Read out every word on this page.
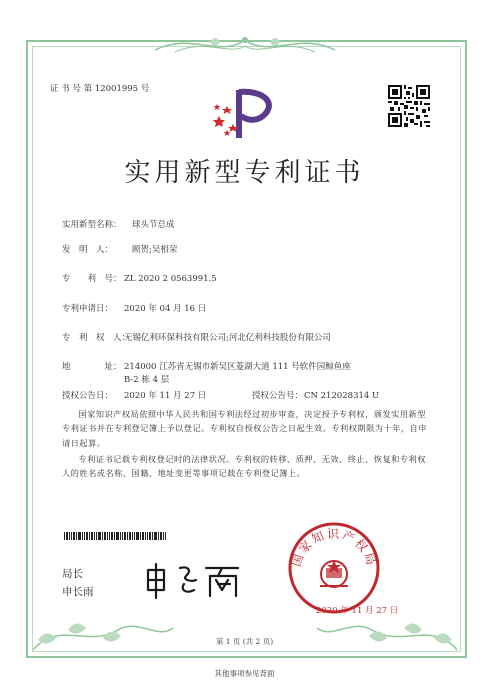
证 书 号 第 12001995 号
实用新型专利证书
实用新型名称： 球头节总成
发　明　人： 顾贺;吴相荣
专　　利　号： ZL 2020 2 0563991.5
专利申请日： 2020 年 04 月 16 日
专　利　权　人：无锡亿利环保科技有限公司;河北亿利科技股份有限公司
地　　　　址： 214000 江苏省无锡市新吴区菱湖大道 111 号软件园鲸鱼座
B-2 栋 4 层
授权公告日： 2020 年 11 月 27 日	授权公告号：CN 212028314 U
国家知识产权局依照中华人民共和国专利法经过初步审查，决定授予专利权，颁发实用新型专利证书并在专利登记簿上予以登记。专利权自授权公告之日起生效。专利权期限为十年，自申请日起算。
专利证书记载专利权登记时的法律状况。专利权的转移、质押、无效、终止、恢复和专利权人的姓名或名称、国籍、地址变更等事项记载在专利登记簿上。
局长
申长雨
国家知识产权局
2020 年 11 月 27 日
第 1 页 (共 2 页)
其他事项参见背面
